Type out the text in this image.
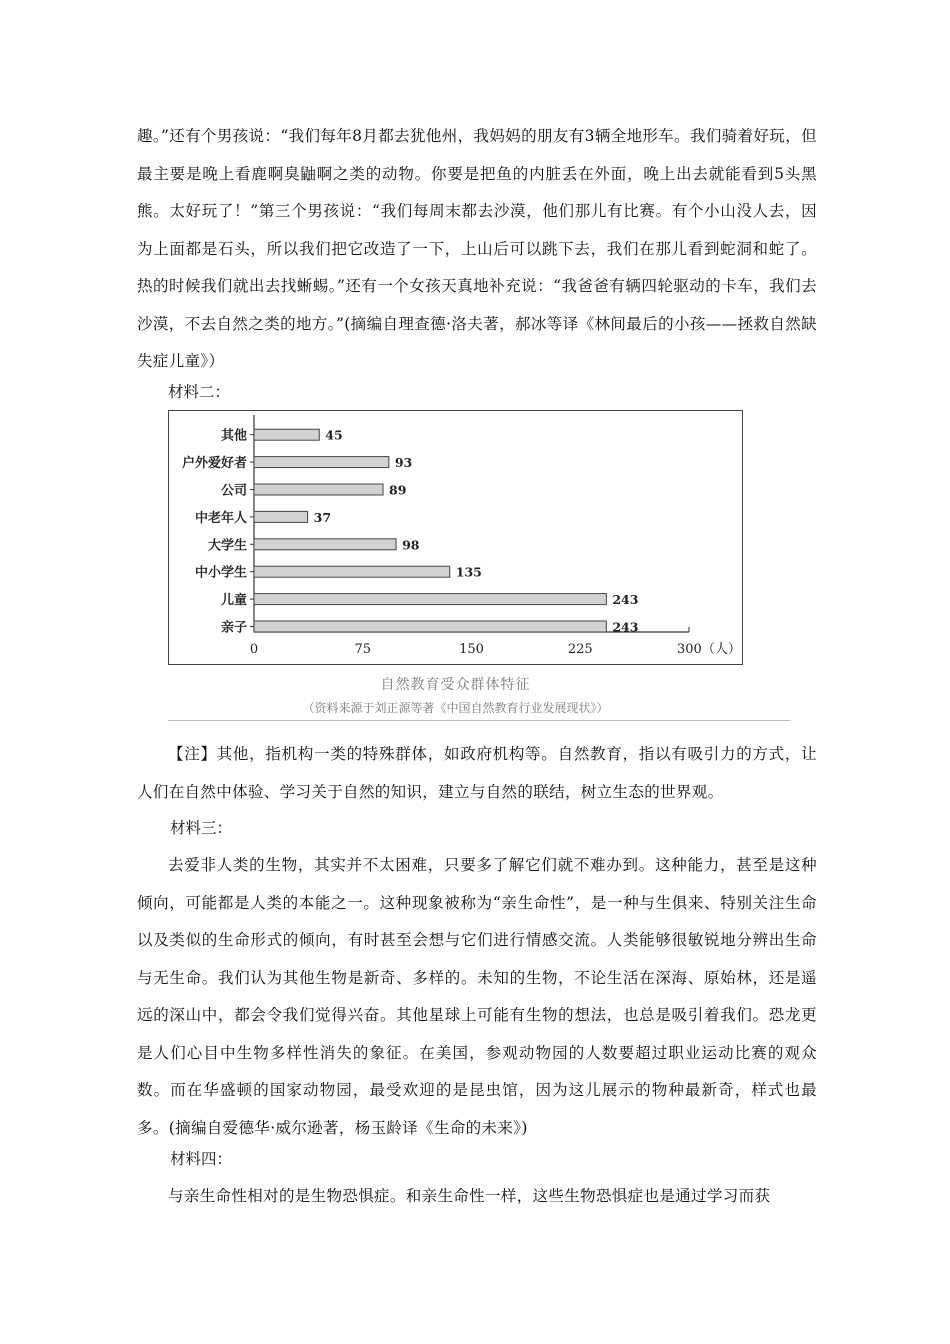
趣。”还有个男孩说：“我们每年8月都去犹他州，我妈妈的朋友有3辆全地形车。我们骑着好玩，但最主要是晚上看鹿啊臭鼬啊之类的动物。你要是把鱼的内脏丢在外面，晚上出去就能看到5头黑熊。太好玩了！”第三个男孩说：“我们每周末都去沙漠，他们那儿有比赛。有个小山没人去，因为上面都是石头，所以我们把它改造了一下，上山后可以跳下去，我们在那儿看到蛇洞和蛇了。热的时候我们就出去找蜥蜴。”还有一个女孩天真地补充说：“我爸爸有辆四轮驱动的卡车，我们去沙漠，不去自然之类的地方。”(摘编自理查德·洛夫著，郝冰等译《林间最后的小孩——拯救自然缺失症儿童》）

材料二：

0	75	150	225	300（人）
其他	45
户外爱好者	93
公司	89
中老年人	37
大学生	98
中小学生	135
儿童	243
亲子	243
自然教育受众群体特征
（资料来源于刘正源等著《中国自然教育行业发展现状》）

【注】其他，指机构一类的特殊群体，如政府机构等。自然教育，指以有吸引力的方式，让人们在自然中体验、学习关于自然的知识，建立与自然的联结，树立生态的世界观。

材料三：

去爱非人类的生物，其实并不太困难，只要多了解它们就不难办到。这种能力，甚至是这种倾向，可能都是人类的本能之一。这种现象被称为“亲生命性”，是一种与生俱来、特别关注生命以及类似的生命形式的倾向，有时甚至会想与它们进行情感交流。人类能够很敏锐地分辨出生命与无生命。我们认为其他生物是新奇、多样的。未知的生物，不论生活在深海、原始林，还是遥远的深山中，都会令我们觉得兴奋。其他星球上可能有生物的想法，也总是吸引着我们。恐龙更是人们心目中生物多样性消失的象征。在美国，参观动物园的人数要超过职业运动比赛的观众数。而在华盛顿的国家动物园，最受欢迎的是昆虫馆，因为这儿展示的物种最新奇，样式也最多。(摘编自爱德华·威尔逊著，杨玉龄译《生命的未来》)

材料四：

与亲生命性相对的是生物恐惧症。和亲生命性一样，这些生物恐惧症也是通过学习而获
